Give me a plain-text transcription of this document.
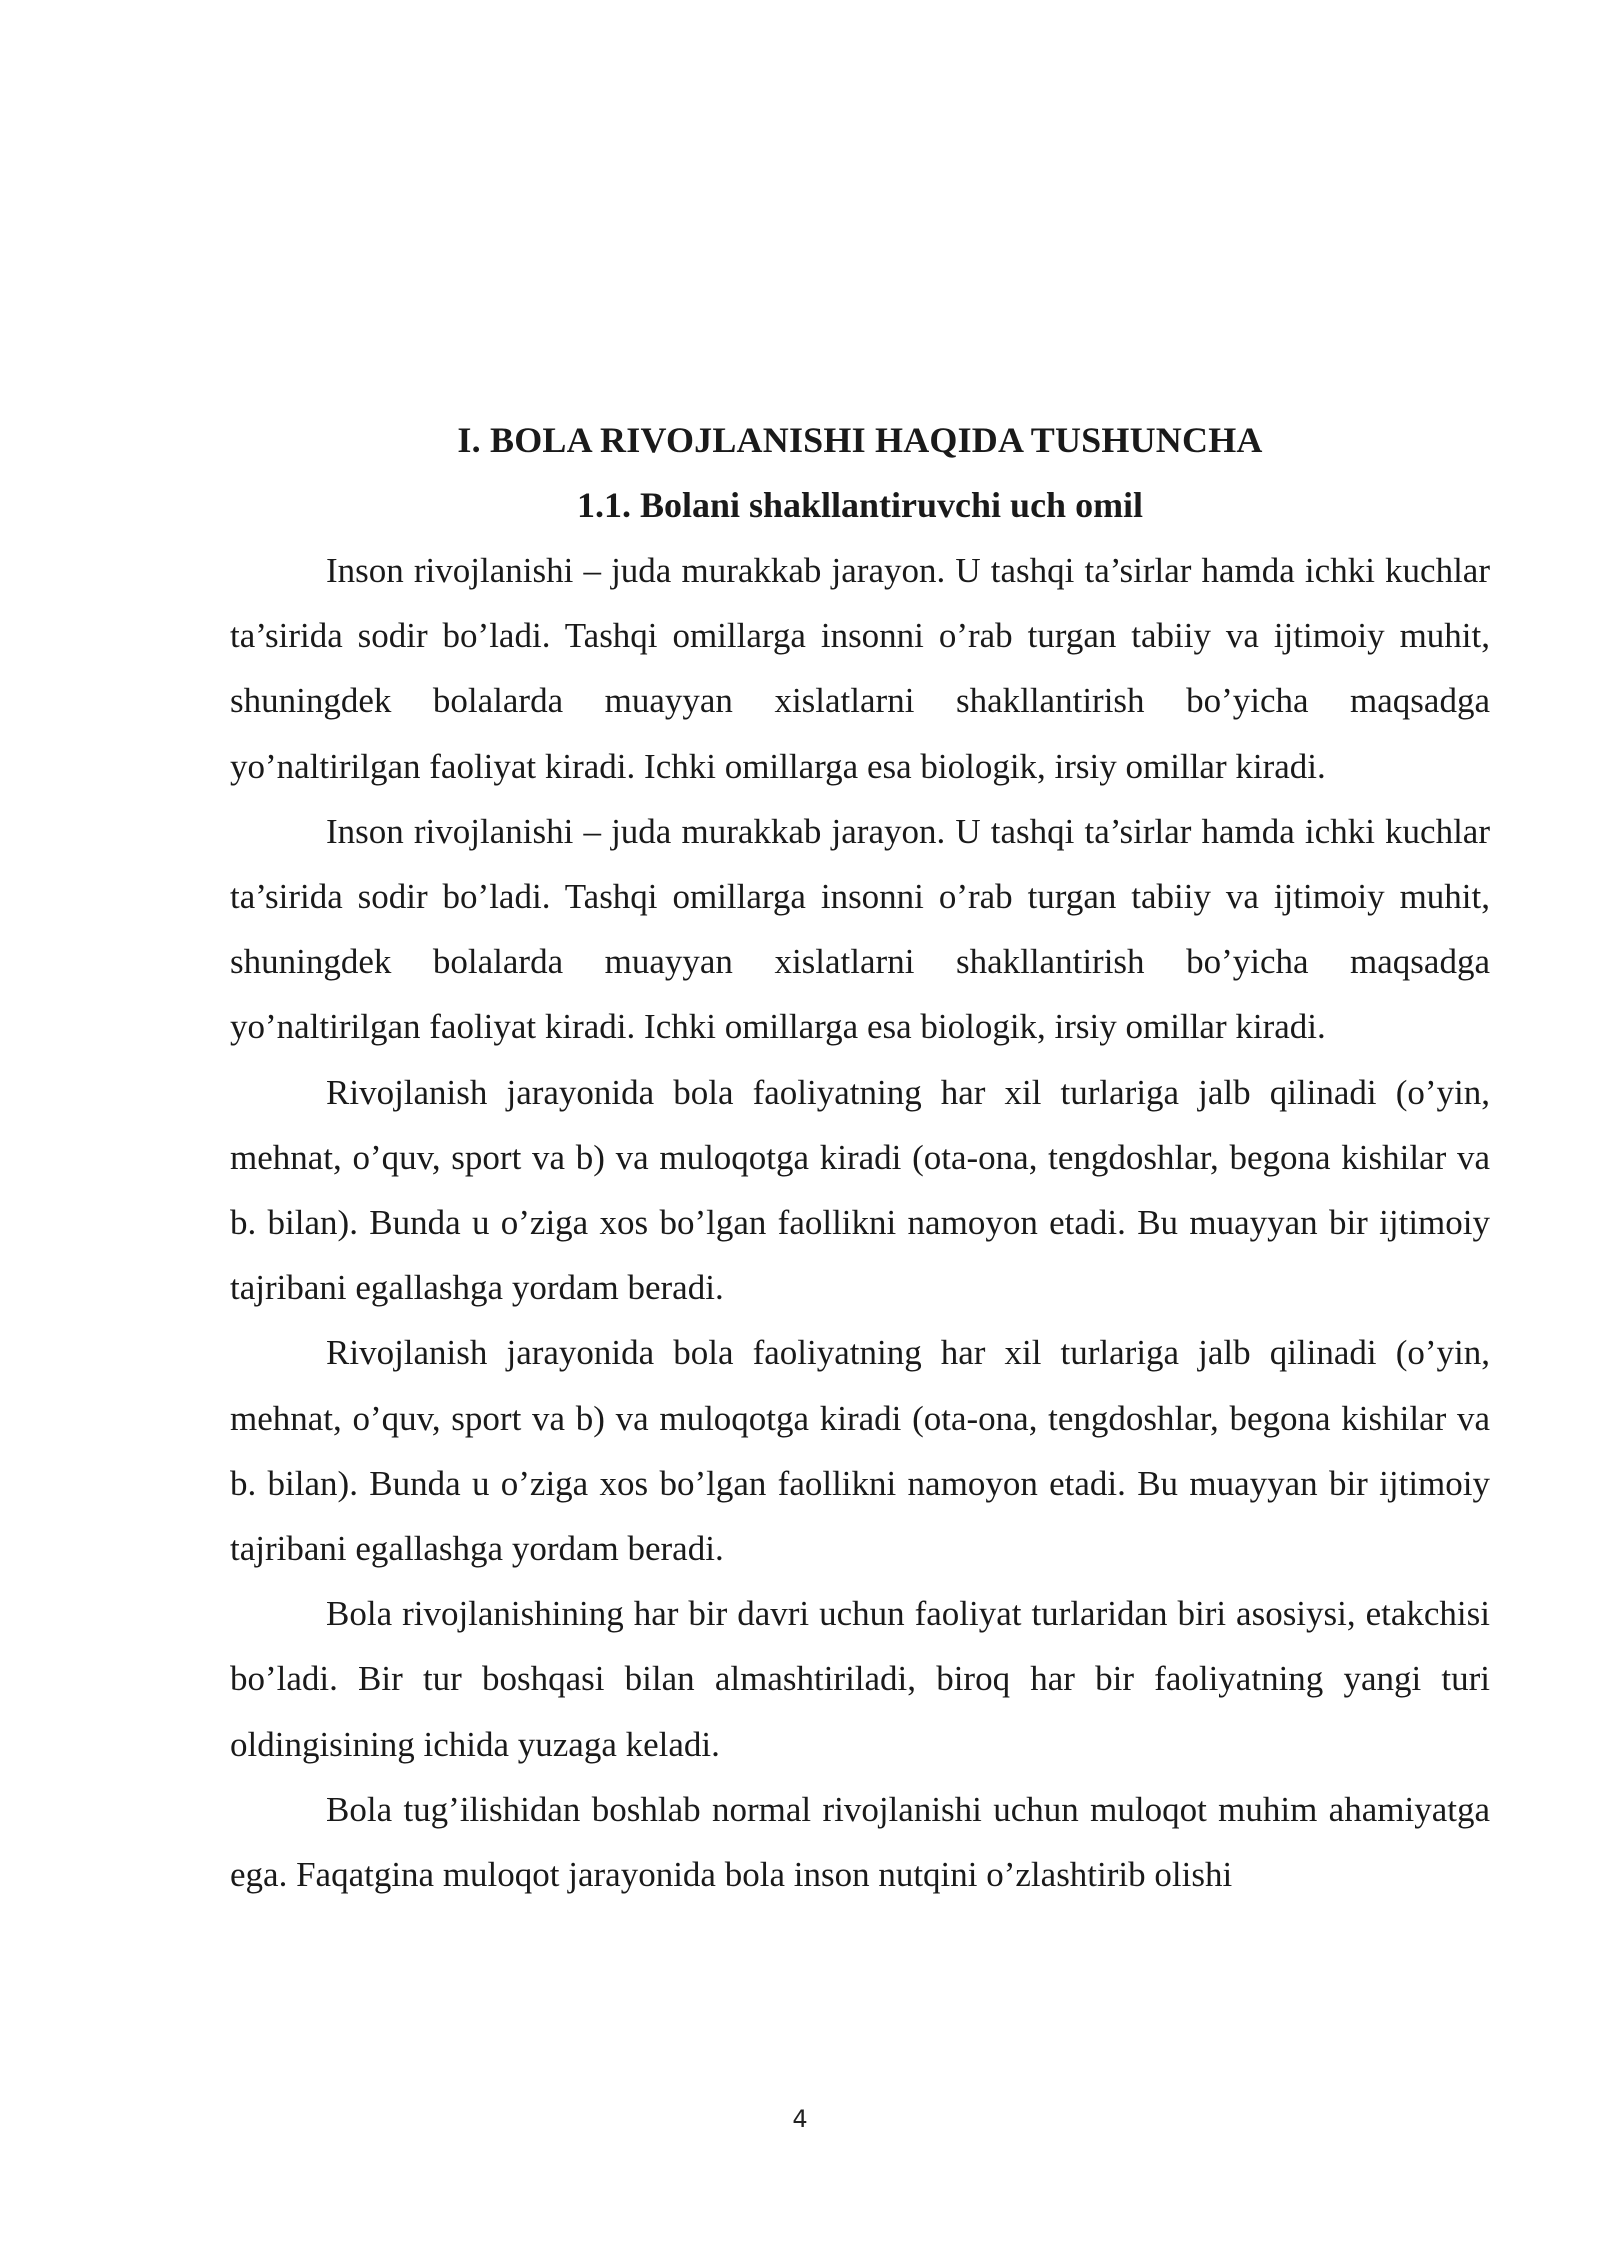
I. BOLA RIVOJLANISHI HAQIDA TUSHUNCHA
1.1. Bolani shakllantiruvchi uch omil

Inson rivojlanishi – juda murakkab jarayon. U tashqi ta’sirlar hamda ichki kuchlar ta’sirida sodir bo’ladi. Tashqi omillarga insonni o’rab turgan tabiiy va ijtimoiy muhit, shuningdek bolalarda muayyan xislatlarni shakllantirish bo’yicha maqsadga yo’naltirilgan faoliyat kiradi. Ichki omillarga esa biologik, irsiy omillar kiradi.

Inson rivojlanishi – juda murakkab jarayon. U tashqi ta’sirlar hamda ichki kuchlar ta’sirida sodir bo’ladi. Tashqi omillarga insonni o’rab turgan tabiiy va ijtimoiy muhit, shuningdek bolalarda muayyan xislatlarni shakllantirish bo’yicha maqsadga yo’naltirilgan faoliyat kiradi. Ichki omillarga esa biologik, irsiy omillar kiradi.

Rivojlanish jarayonida bola faoliyatning har xil turlariga jalb qilinadi (o’yin, mehnat, o’quv, sport va b) va muloqotga kiradi (ota-ona, tengdoshlar, begona kishilar va b. bilan). Bunda u o’ziga xos bo’lgan faollikni namoyon etadi. Bu muayyan bir ijtimoiy tajribani egallashga yordam beradi.

Rivojlanish jarayonida bola faoliyatning har xil turlariga jalb qilinadi (o’yin, mehnat, o’quv, sport va b) va muloqotga kiradi (ota-ona, tengdoshlar, begona kishilar va b. bilan). Bunda u o’ziga xos bo’lgan faollikni namoyon etadi. Bu muayyan bir ijtimoiy tajribani egallashga yordam beradi.

Bola rivojlanishining har bir davri uchun faoliyat turlaridan biri asosiysi, etakchisi bo’ladi. Bir tur boshqasi bilan almashtiriladi, biroq har bir faoliyatning yangi turi oldingisining ichida yuzaga keladi.

Bola tug’ilishidan boshlab normal rivojlanishi uchun muloqot muhim ahamiyatga ega. Faqatgina muloqot jarayonida bola inson nutqini o’zlashtirib olishi

4
